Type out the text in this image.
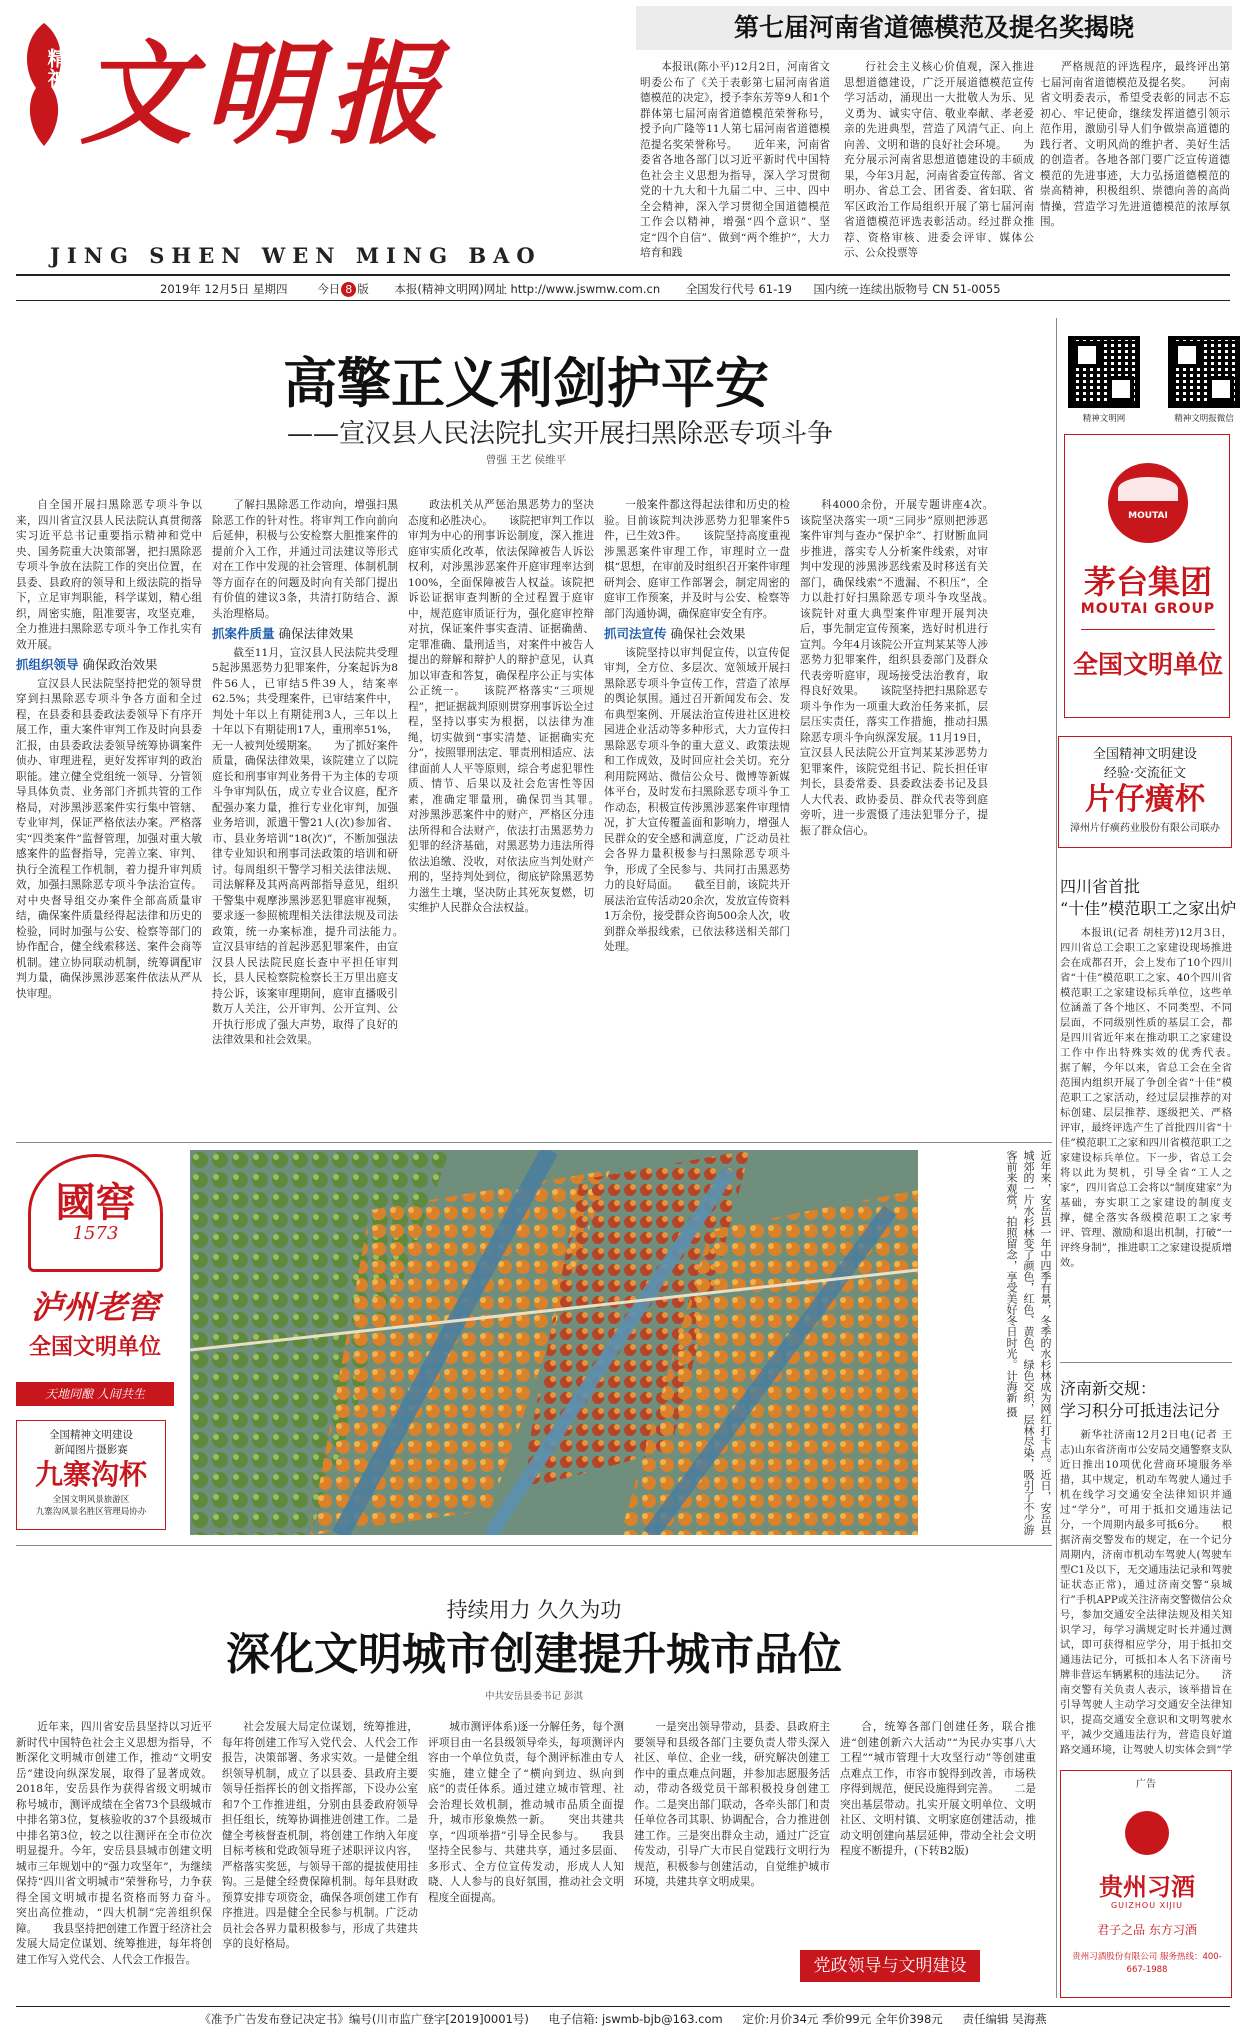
精神 文明报
JING SHEN WEN MING BAO
2019年 12月5日 星期四	今日 8 版 本报(精神文明网)网址 http://www.jswmw.com.cn 全国发行代号 61-19 国内统一连续出版物号 CN 51-0055
第七届河南省道德模范及提名奖揭晓

本报讯(陈小平)12月2日，河南省文明委公布了《关于表彰第七届河南省道德模范的决定》，授予李东芳等9人和1个群体第七届河南省道德模范荣誉称号，授予向广隆等11人第七届河南省道德模范提名奖荣誉称号。　　近年来，河南省委省各地各部门以习近平新时代中国特色社会主义思想为指导，深入学习贯彻党的十九大和十九届二中、三中、四中全会精神，深入学习贯彻全国道德模范工作会以精神，增强“四个意识”、坚定“四个自信”、做到“两个维护”，大力培育和践

行社会主义核心价值观，深入推进思想道德建设，广泛开展道德模范宣传学习活动，涌现出一大批敬人为乐、见义勇为、诚实守信、敬业奉献、孝老爱亲的先进典型，营造了风清气正、向上向善、文明和谐的良好社会环境。　　为充分展示河南省思想道德建设的丰硕成果，今年3月起，河南省委宣传部、省文明办、省总工会、团省委、省妇联、省军区政治工作局组织开展了第七届河南省道德模范评选表彰活动。经过群众推荐、资格审核、进委会评审、媒体公示、公众投票等

严格规范的评选程序，最终评出第七届河南省道德模范及提名奖。　　河南省文明委表示，希望受表彰的同志不忘初心、牢记使命，继续发挥道德引领示范作用，激励引导人们争做崇高道德的践行者、文明风尚的维护者、美好生活的创造者。各地各部门要广泛宣传道德模范的先进事迹，大力弘扬道德模范的崇高精神，积极组织、崇德向善的高尚情操，营造学习先进道德模范的浓厚氛围。

高擎正义利剑护平安
——宣汉县人民法院扎实开展扫黑除恶专项斗争
曾强 王艺 侯维平

自全国开展扫黑除恶专项斗争以来，四川省宣汉县人民法院认真贯彻落实习近平总书记重要指示精神和党中央、国务院重大决策部署，把扫黑除恶专项斗争放在法院工作的突出位置，在县委、县政府的领导和上级法院的指导下，立足审判职能，科学谋划，精心组织，周密实施，阻准要害，攻坚克难，全力推进扫黑除恶专项斗争工作扎实有效开展。

抓组织领导 确保政治效果

宣汉县人民法院坚持把党的领导贯穿到扫黑除恶专项斗争各方面和全过程，在县委和县委政法委领导下有序开展工作，重大案件审判工作及时向县委汇报，由县委政法委领导统筹协调案件侦办、审理进程，更好发挥审判的政治职能。建立健全党组统一领导、分管领导具体负责、业务部门齐抓共管的工作格局，对涉黑涉恶案件实行集中管辖、专业审判，保证严格依法办案。严格落实“四类案件”监督管理，加强对重大敏感案件的监督指导，完善立案、审判、执行全流程工作机制，着力提升审判质效，加强扫黑除恶专项斗争法治宣传。对中央督导组交办案件全部高质量审结，确保案件质量经得起法律和历史的检验，同时加强与公安、检察等部门的协作配合，健全线索移送、案件会商等机制。建立协同联动机制，统筹调配审判力量，确保涉黑涉恶案件依法从严从快审理。

了解扫黑除恶工作动向，增强扫黑除恶工作的针对性。将审判工作向前向后延伸，积极与公安检察大胆推案件的提前介入工作，并通过司法建议等形式对在工作中发现的社会管理、体制机制等方面存在的问题及时向有关部门提出有价值的建议3条，共清打防结合、源头治理格局。

抓案件质量 确保法律效果

截至11月，宣汉县人民法院共受理5起涉黑恶势力犯罪案件，分案起诉为8件56人，已审结5件39人，结案率62.5%；共受理案件，已审结案件中，判处十年以上有期徒刑3人，三年以上十年以下有期徒刑17人，重刑率51%，无一人被判处缓期案。　　为了抓好案件质量，确保法律效果，该院建立了以院庭长和刑事审判业务骨干为主体的专项斗争审判队伍，成立专业合议庭，配齐配强办案力量，推行专业化审判，加强业务培训，派遣干警21人(次)参加省、市、县业务培训“18(次)”，不断加强法律专业知识和刑事司法政策的培训和研讨。每周组织干警学习相关法律法规、司法解释及其两高两部指导意见，组织干警集中观摩涉黑涉恶犯罪庭审视频，要求逐一参照梳理相关法律法规及司法政策，统一办案标准，提升司法能力。　　宣汉县审结的首起涉恶犯罪案件，由宣汉县人民法院民庭长查中平担任审判长，县人民检察院检察长王万里出庭支持公诉，该案审理期间，庭审直播吸引数万人关注，公开审判、公开宣判、公开执行形成了强大声势，取得了良好的法律效果和社会效果。

政法机关从严惩治黑恶势力的坚决态度和必胜决心。　　该院把审判工作以审判为中心的刑事诉讼制度，深入推进庭审实质化改革，依法保障被告人诉讼权利，对涉黑涉恶案件开庭审理率达到100%，全面保障被告人权益。该院把诉讼证据审查判断的全过程置于庭审中，规范庭审质证行为，强化庭审控辩对抗，保证案件事实查清、证据确凿、定罪准确、量刑适当，对案件中被告人提出的辩解和辩护人的辩护意见，认真加以审查和答复，确保程序公正与实体公正统一。　　该院严格落实“三项规程”，把证据裁判原则贯穿刑事诉讼全过程，坚持以事实为根据，以法律为准绳，切实做到“事实清楚、证据确实充分”，按照罪刑法定、罪责刑相适应、法律面前人人平等原则，综合考虑犯罪性质、情节、后果以及社会危害性等因素，准确定罪量刑，确保罚当其罪。　　对涉黑涉恶案件中的财产，严格区分违法所得和合法财产，依法打击黑恶势力犯罪的经济基础，对黑恶势力违法所得依法追缴、没收，对依法应当判处财产刑的，坚持判处到位，彻底铲除黑恶势力滋生土壤，坚决防止其死灰复燃，切实维护人民群众合法权益。

一般案件都这得起法律和历史的检验。目前该院判决涉恶势力犯罪案件5件，已生效3件。　　该院坚持高度重视涉黑恶案件审理工作，审理时立一盘棋“思想，在审前及时组织召开案件审理研判会、庭审工作部署会，制定周密的庭审工作预案，并及时与公安、检察等部门沟通协调，确保庭审安全有序。

抓司法宣传 确保社会效果

该院坚持以审判促宣传，以宣传促审判，全方位、多层次、宽领域开展扫黑除恶专项斗争宣传工作，营造了浓厚的舆论氛围。通过召开新闻发布会、发布典型案例、开展法治宣传进社区进校园进企业活动等多种形式，大力宣传扫黑除恶专项斗争的重大意义、政策法规和工作成效，及时回应社会关切。充分利用院网站、微信公众号、微博等新媒体平台，及时发布扫黑除恶专项斗争工作动态，积极宣传涉黑涉恶案件审理情况，扩大宣传覆盖面和影响力，增强人民群众的安全感和满意度，广泛动员社会各界力量积极参与扫黑除恶专项斗争，形成了全民参与、共同打击黑恶势力的良好局面。　　截至目前，该院共开展法治宣传活动20余次，发放宣传资料1万余份，接受群众咨询500余人次，收到群众举报线索，已依法移送相关部门处理。

科4000余份，开展专题讲座4次。　　该院坚决落实一项“三同步”原则把涉恶案件审判与查办“保护伞”、打财断血同步推进，落实专人分析案件线索，对审判中发现的涉黑涉恶线索及时移送有关部门，确保线索“不遗漏、不积压”，全力以赴打好扫黑除恶专项斗争攻坚战。　　该院针对重大典型案件审理开展判决后，事先制定宣传预案，选好时机进行宣判。今年4月该院公开宣判某某等人涉恶势力犯罪案件，组织县委部门及群众代表旁听庭审，现场接受法治教育，取得良好效果。　　该院坚持把扫黑除恶专项斗争作为一项重大政治任务来抓，层层压实责任，落实工作措施，推动扫黑除恶专项斗争向纵深发展。11月19日，宣汉县人民法院公开宣判某某涉恶势力犯罪案件，该院党组书记、院长担任审判长，县委常委、县委政法委书记及县人大代表、政协委员、群众代表等到庭旁听，进一步震慑了违法犯罪分子，提振了群众信心。

國窖
1573
泸州老窖
全国文明单位
天地同酿 人间共生
全国精神文明建设
新闻图片摄影赛
九寨沟杯
全国文明风景旅游区
九寨沟风景名胜区管理局协办	近年来，安岳县一年中四季有景，冬季的水杉林成为网红打卡点。近日，安岳县城郊的一片水杉林变了颜色，红色、黄色、绿色交织，层林尽染，吸引了不少游客前来观赏，拍照留念，享受美好冬日时光。计海新 摄
持续用力 久久为功
深化文明城市创建提升城市品位
中共安岳县委书记 彭淇

近年来，四川省安岳县坚持以习近平新时代中国特色社会主义思想为指导，不断深化文明城市创建工作，推动“文明安岳”建设向纵深发展，取得了显著成效。2018年，安岳县作为获得省级文明城市称号城市，测评成绩在全省73个县级城市中排名第3位，复核验收的37个县级城市中排名第3位，较之以往测评在全市位次明显提升。今年，安岳县县城市创建文明城市三年规划中的“强力攻坚年”，为继续保持“四川省文明城市”荣誉称号，力争获得全国文明城市提名资格而努力奋斗。　　突出高位推动，“四大机制”完善组织保障。　　我县坚持把创建工作置于经济社会发展大局定位谋划、统筹推进，每年将创建工作写入党代会、人代会工作报告。

社会发展大局定位谋划，统筹推进，每年将创建工作写入党代会、人代会工作报告，决策部署、务求实效。一是健全组织领导机制，成立了以县委、县政府主要领导任指挥长的创文指挥部，下设办公室和7个工作推进组，分别由县委政府领导担任组长，统筹协调推进创建工作。二是健全考核督查机制，将创建工作纳入年度目标考核和党政领导班子述职评议内容，严格落实奖惩，与领导干部的提拔使用挂钩。三是健全经费保障机制。每年县财政预算安排专项资金，确保各项创建工作有序推进。四是健全全民参与机制。广泛动员社会各界力量积极参与，形成了共建共享的良好格局。

城市测评体系)逐一分解任务，每个测评项目由一名县级领导牵头，每项测评内容由一个单位负责，每个测评标准由专人实施，建立健全了“横向到边、纵向到底”的责任体系。通过建立城市管理、社会治理长效机制，推动城市品质全面提升，城市形象焕然一新。　　突出共建共享，“四项举措”引导全民参与。　　我县坚持全民参与、共建共享，通过多层面、多形式、全方位宣传发动，形成人人知晓、人人参与的良好氛围，推动社会文明程度全面提高。

一是突出领导带动，县委、县政府主要领导和县级各部门主要负责人带头深入社区、单位、企业一线，研究解决创建工作中的重点难点问题，并参加志愿服务活动，带动各级党员干部积极投身创建工作。二是突出部门联动，各牵头部门和责任单位各司其职、协调配合，合力推进创建工作。三是突出群众主动，通过广泛宣传发动，引导广大市民自觉践行文明行为规范，积极参与创建活动，自觉维护城市环境，共建共享文明成果。

合，统筹各部门创建任务，联合推进“创建创新六大活动”“为民办实事八大工程”“城市管理十大攻坚行动”等创建重点难点工作，市容市貌得到改善，市场秩序得到规范，便民设施得到完善。　　二是突出基层带动。扎实开展文明单位、文明社区、文明村镇、文明家庭创建活动，推动文明创建向基层延伸，带动全社会文明程度不断提升，(下转B2版)

党政领导与文明建设
精神文明网	精神文明报微信
MOUTAI
茅台集团
MOUTAI GROUP
全国文明单位
全国精神文明建设
经验·交流征文
片仔癀杯
漳州片仔癀药业股份有限公司联办
四川省首批
“十佳”模范职工之家出炉

本报讯(记者 胡桂芳)12月3日，四川省总工会职工之家建设现场推进会在成都召开，会上发布了10个四川省“十佳”模范职工之家、40个四川省模范职工之家建设标兵单位，这些单位涵盖了各个地区、不同类型、不同层面，不同级别性质的基层工会，都是四川省近年来在推动职工之家建设工作中作出特殊实效的优秀代表。　　据了解，今年以来，省总工会在全省范围内组织开展了争创全省“十佳”模范职工之家活动，经过层层推荐的对标创建、层层推荐、逐级把关、严格评审，最终评选产生了首批四川省“十佳”模范职工之家和四川省模范职工之家建设标兵单位。下一步，省总工会将以此为契机，引导全省“工人之家”，四川省总工会将以“制度建家”为基础，夯实职工之家建设的制度支撑，健全落实各级模范职工之家考评、管理、激励和退出机制，打破“一评终身制”，推进职工之家建设提质增效。

济南新交规：
学习积分可抵违法记分

新华社济南12月2日电(记者 王志)山东省济南市公安局交通警察支队近日推出10项优化营商环境服务举措，其中规定，机动车驾驶人通过手机在线学习交通安全法律知识并通过“学分”，可用于抵扣交通违法记分，一个周期内最多可抵6分。　　根据济南交警发布的规定，在一个记分周期内，济南市机动车驾驶人(驾驶车型C1及以下，无交通违法记录和驾驶证状态正常)，通过济南交警“泉城行”手机APP或关注济南交警微信公众号，参加交通安全法律法规及相关知识学习，每学习满规定时长并通过测试，即可获得相应学分，用于抵扣交通违法记分，可抵扣本人名下济南号牌非营运车辆累积的违法记分。　　济南交警有关负责人表示，该举措旨在引导驾驶人主动学习交通安全法律知识，提高交通安全意识和文明驾驶水平，减少交通违法行为，营造良好道路交通环境，让驾驶人切实体会到“学

广告
贵州习酒
GUIZHOU XIJIU
君子之品 东方习酒
贵州习酒股份有限公司 服务热线：400-667-1988
《准予广告发布登记决定书》编号(川市监广登字[2019]0001号) 电子信箱: jswmb-bjb@163.com 定价:月价34元 季价99元 全年价398元 责任编辑 吴海燕
